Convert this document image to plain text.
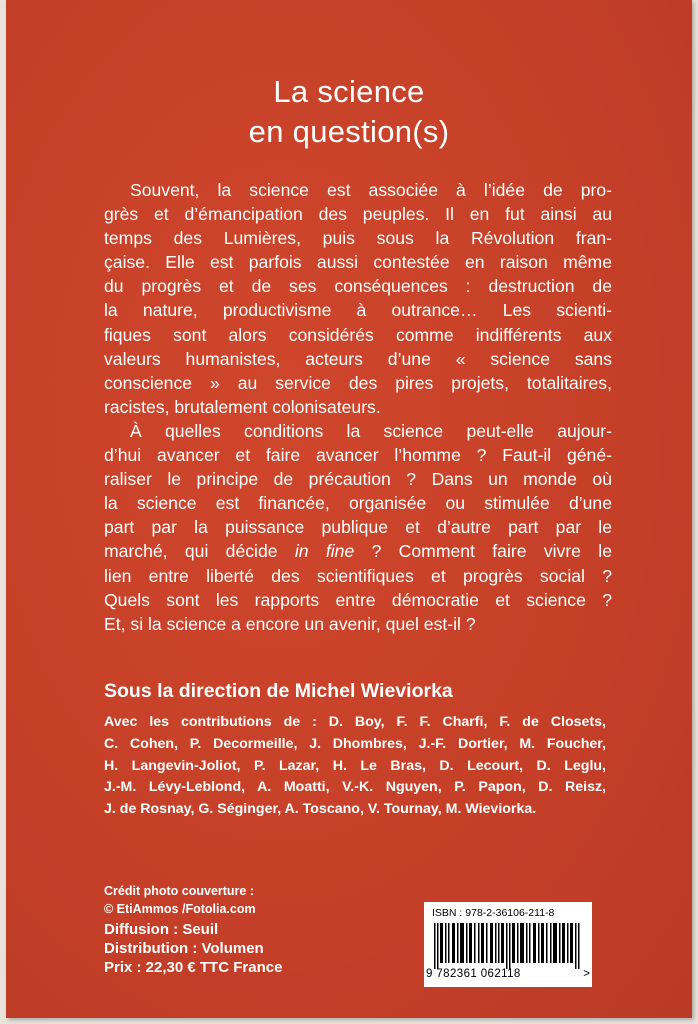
La science
en question(s)

Souvent, la science est associée à l’idée de pro-
grès et d’émancipation des peuples. Il en fut ainsi au
temps des Lumières, puis sous la Révolution fran-
çaise. Elle est parfois aussi contestée en raison même
du progrès et de ses conséquences : destruction de
la nature, productivisme à outrance… Les scienti-
fiques sont alors considérés comme indifférents aux
valeurs humanistes, acteurs d’une « science sans
conscience » au service des pires projets, totalitaires,
racistes, brutalement colonisateurs.

À quelles conditions la science peut-elle aujour-
d’hui avancer et faire avancer l’homme ? Faut-il géné-
raliser le principe de précaution ? Dans un monde où
la science est financée, organisée ou stimulée d’une
part par la puissance publique et d’autre part par le
marché, qui décide in fine ? Comment faire vivre le
lien entre liberté des scientifiques et progrès social ?
Quels sont les rapports entre démocratie et science ?
Et, si la science a encore un avenir, quel est-il ?

Sous la direction de Michel Wieviorka
Avec les contributions de : D. Boy, F. F. Charfi, F. de Closets,
C. Cohen, P. Decormeille, J. Dhombres, J.-F. Dortier, M. Foucher,
H. Langevin-Joliot, P. Lazar, H. Le Bras, D. Lecourt, D. Leglu,
J.-M. Lévy-Leblond, A. Moatti, V.-K. Nguyen, P. Papon, D. Reisz,
J. de Rosnay, G. Séginger, A. Toscano, V. Tournay, M. Wieviorka.
Crédit photo couverture :
© EtiAmmos /Fotolia.com
Diffusion : Seuil
Distribution : Volumen
Prix : 22,30 € TTC France
ISBN : 978-2-36106-211-8
9 782361 062118	>
